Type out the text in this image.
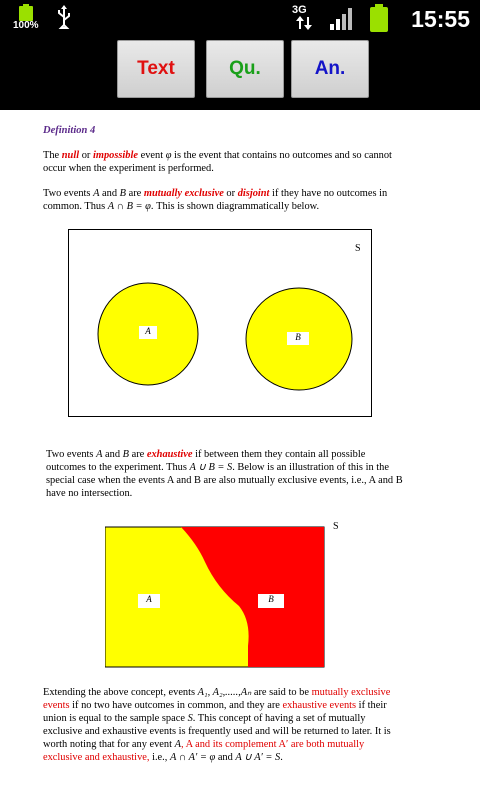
100%
3G	15:55
Text	Qu.	An.
Definition 4
The null or impossible event φ is the event that contains no outcomes and so cannot
occur when the experiment is performed.
Two events A and B are mutually exclusive or disjoint if they have no outcomes in
common. Thus A ∩ B = φ. This is shown diagrammatically below.
S
A
B
Two events A and B are exhaustive if between them they contain all possible
outcomes to the experiment. Thus A ∪ B = S. Below is an illustration of this in the
special case when the events A and B are also mutually exclusive events, i.e., A and B
have no intersection.
S
A	B
Extending the above concept, events A₁, A₂,.....,Aₙ are said to be mutually exclusive
events if no two have outcomes in common, and they are exhaustive events if their
union is equal to the sample space S. This concept of having a set of mutually
exclusive and exhaustive events is frequently used and will be returned to later. It is
worth noting that for any event A, A and its complement A′ are both mutually
exclusive and exhaustive, i.e., A ∩ A′ = φ and A ∪ A′ = S.
